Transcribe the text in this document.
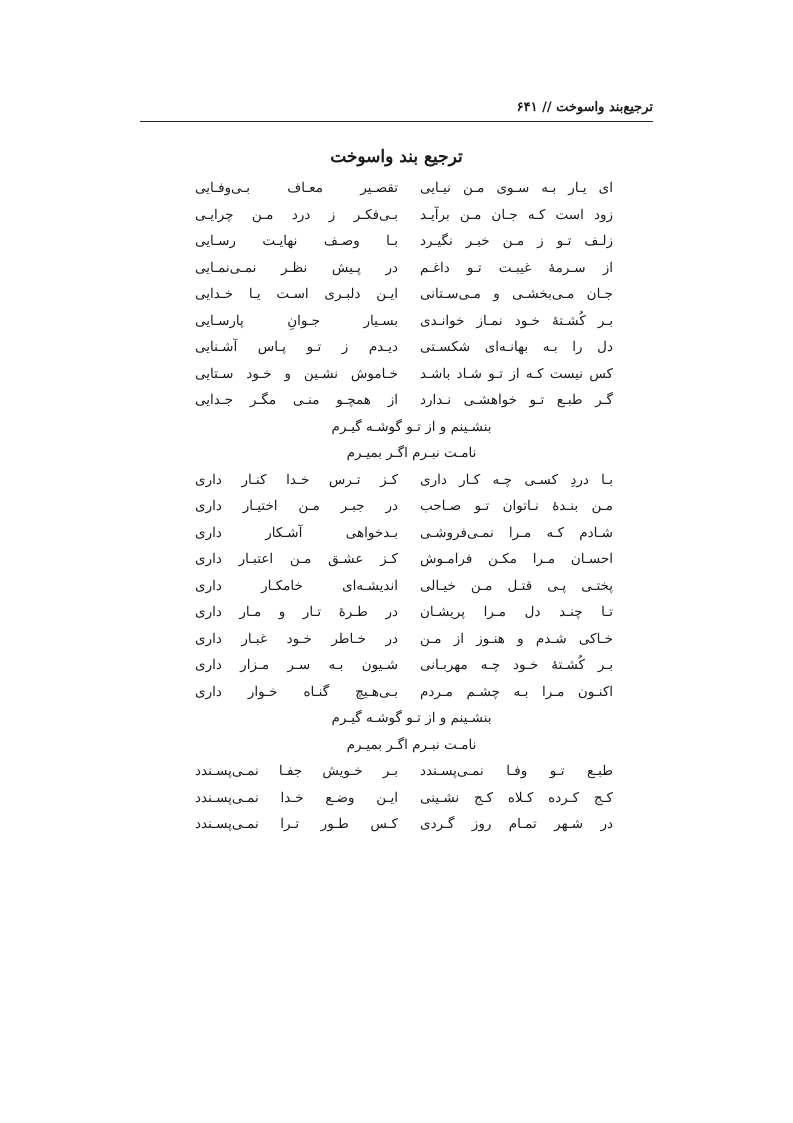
ترجیع‌بند واسوخت // ۶۴۱
ترجیع بند واسوخت
ای یـار بـه سـوی مـن نیـایی
تقصـیر معـاف بـی‌وفـایی
زود است کـه جـان مـن برآیـد
بـی‌فکـر ز درد مـن چرایـی
زلـف تـو ز مـن خبـر نگیـرد
بـا وصـف نهایـت رسـایی
از سـرمهٔ غیبـت تـو داغـم
در پـیش نظـر نمـی‌نمـایی
جـان مـی‌بخشـی و مـی‌سـتانی
ایـن دلبـری اسـت یـا خـدایی
بـر کُشـتهٔ خـود نمـاز خوانـدی
بسـیار جـوانِ پارسـایی
دل را بـه بهانـه‌ای شکسـتی
دیـدم ز تـو پـاس آشـنایی
کس نیست کـه از تـو شـاد باشـد
خـاموش نشـین و خـود سـتایی
گـر طبـع تـو خواهشـی نـدارد
از همچـو منـی مگـر جـدایی
بنشـینم و از تـو گوشـه گیـرم
نامـت نبـرم اگـر بمیـرم
بـا دردِ کسـی چـه کـار داری
کـز تـرس خـدا کنـار داری
مـن بنـدهٔ نـاتوان تـو صـاحب
در جبـر مـن اختیـار داری
شـادم کـه مـرا نمـی‌فروشـی
بـدخواهی آشـکار داری
احسـان مـرا مکـن فرامـوش
کـز عشـق مـن اعتبـار داری
پختـی پـی قتـل مـن خیـالی
اندیشـه‌ای خامکـار داری
تـا چنـد دل مـرا پریشـان
در طـرهٔ تـار و مـار داری
خـاکی شـدم و هنـوز از مـن
در خـاطر خـود غبـار داری
بـر کُشـتهٔ خـود چـه مهربـانی
شـیون بـه سـر مـزار داری
اکنـون مـرا بـه چشـم مـردم
بـی‌هـیچ گنـاه خـوار داری
بنشـینم و از تـو گوشـه گیـرم
نامـت نبـرم اگـر بمیـرم
طبـع تـو وفـا نمـی‌پسـندد
بـر خـویش جفـا نمـی‌پسـندد
کـج کـرده کـلاه کـج نشـینی
ایـن وضـع خـدا نمـی‌پسـندد
در شـهر تمـام روز گـردی
کـس طـور تـرا نمـی‌پسـندد
